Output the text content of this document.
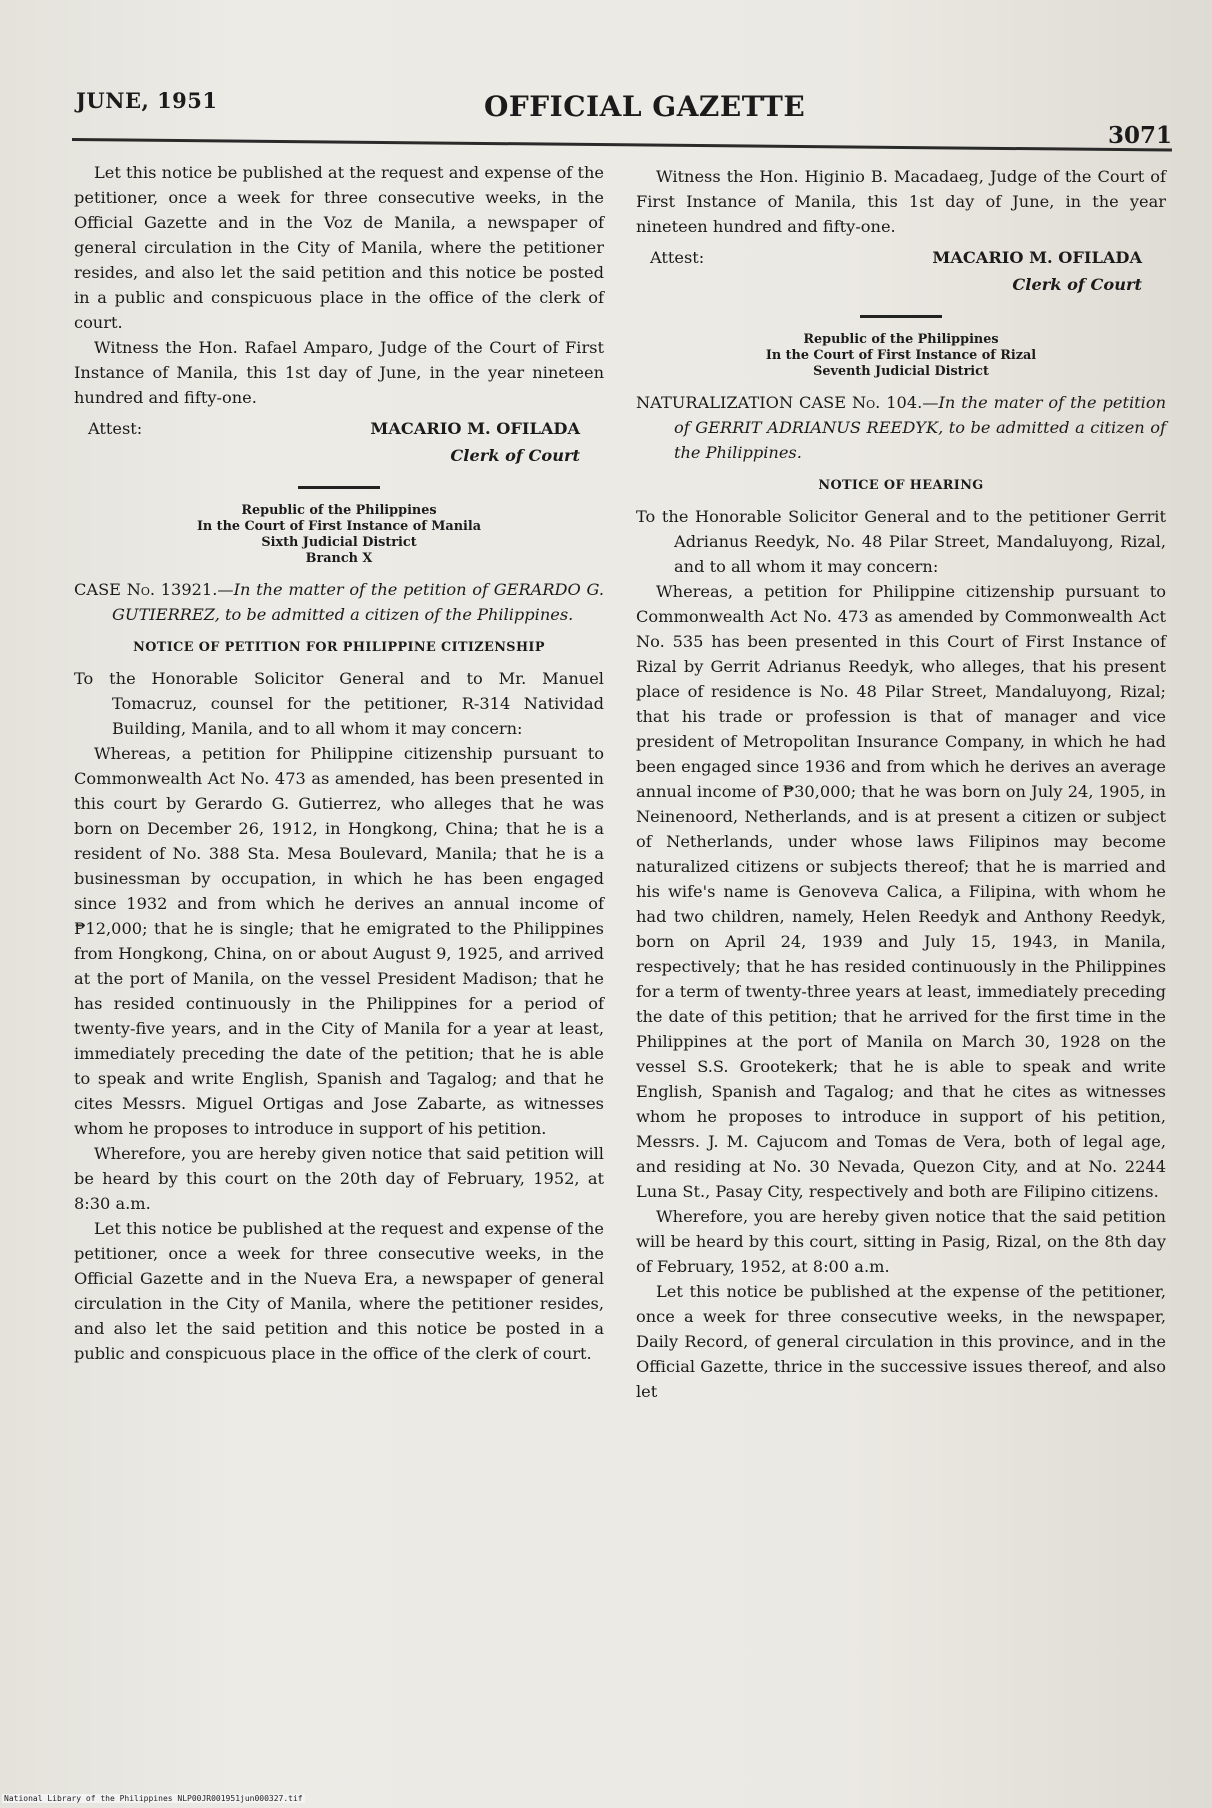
JUNE, 1951	OFFICIAL GAZETTE
3071

Let this notice be published at the request and expense of the petitioner, once a week for three consecutive weeks, in the Official Gazette and in the Voz de Manila, a newspaper of general circulation in the City of Manila, where the petitioner resides, and also let the said petition and this notice be posted in a public and conspicuous place in the office of the clerk of court.

Witness the Hon. Rafael Amparo, Judge of the Court of First Instance of Manila, this 1st day of June, in the year nineteen hundred and fifty-one.

Attest:	MACARIO M. OFILADA
Clerk of Court
Republic of the Philippines
In the Court of First Instance of Manila
Sixth Judicial District
Branch X

CASE No. 13921.—In the matter of the petition of GERARDO G. GUTIERREZ, to be admitted a citizen of the Philippines.

NOTICE OF PETITION FOR PHILIPPINE CITIZENSHIP

To the Honorable Solicitor General and to Mr. Manuel Tomacruz, counsel for the petitioner, R-314 Natividad Building, Manila, and to all whom it may concern:

Whereas, a petition for Philippine citizenship pursuant to Commonwealth Act No. 473 as amended, has been presented in this court by Gerardo G. Gutierrez, who alleges that he was born on December 26, 1912, in Hongkong, China; that he is a resident of No. 388 Sta. Mesa Boulevard, Manila; that he is a businessman by occupation, in which he has been engaged since 1932 and from which he derives an annual income of ₱12,000; that he is single; that he emigrated to the Philippines from Hongkong, China, on or about August 9, 1925, and arrived at the port of Manila, on the vessel President Madison; that he has resided continuously in the Philippines for a period of twenty-five years, and in the City of Manila for a year at least, immediately preceding the date of the petition; that he is able to speak and write English, Spanish and Tagalog; and that he cites Messrs. Miguel Ortigas and Jose Zabarte, as witnesses whom he proposes to introduce in support of his petition.

Wherefore, you are hereby given notice that said petition will be heard by this court on the 20th day of February, 1952, at 8:30 a.m.

Let this notice be published at the request and expense of the petitioner, once a week for three consecutive weeks, in the Official Gazette and in the Nueva Era, a newspaper of general circulation in the City of Manila, where the petitioner resides, and also let the said petition and this notice be posted in a public and conspicuous place in the office of the clerk of court.

Witness the Hon. Higinio B. Macadaeg, Judge of the Court of First Instance of Manila, this 1st day of June, in the year nineteen hundred and fifty-one.

Attest:	MACARIO M. OFILADA
Clerk of Court
Republic of the Philippines
In the Court of First Instance of Rizal
Seventh Judicial District

NATURALIZATION CASE No. 104.—In the mater of the petition of GERRIT ADRIANUS REEDYK, to be admitted a citizen of the Philippines.

NOTICE OF HEARING

To the Honorable Solicitor General and to the petitioner Gerrit Adrianus Reedyk, No. 48 Pilar Street, Mandaluyong, Rizal, and to all whom it may concern:

Whereas, a petition for Philippine citizenship pursuant to Commonwealth Act No. 473 as amended by Commonwealth Act No. 535 has been presented in this Court of First Instance of Rizal by Gerrit Adrianus Reedyk, who alleges, that his present place of residence is No. 48 Pilar Street, Mandaluyong, Rizal; that his trade or profession is that of manager and vice president of Metropolitan Insurance Company, in which he had been engaged since 1936 and from which he derives an average annual income of ₱30,000; that he was born on July 24, 1905, in Neinenoord, Netherlands, and is at present a citizen or subject of Netherlands, under whose laws Filipinos may become naturalized citizens or subjects thereof; that he is married and his wife's name is Genoveva Calica, a Filipina, with whom he had two children, namely, Helen Reedyk and Anthony Reedyk, born on April 24, 1939 and July 15, 1943, in Manila, respectively; that he has resided continuously in the Philippines for a term of twenty-three years at least, immediately preceding the date of this petition; that he arrived for the first time in the Philippines at the port of Manila on March 30, 1928 on the vessel S.S. Grootekerk; that he is able to speak and write English, Spanish and Tagalog; and that he cites as witnesses whom he proposes to introduce in support of his petition, Messrs. J. M. Cajucom and Tomas de Vera, both of legal age, and residing at No. 30 Nevada, Quezon City, and at No. 2244 Luna St., Pasay City, respectively and both are Filipino citizens.

Wherefore, you are hereby given notice that the said petition will be heard by this court, sitting in Pasig, Rizal, on the 8th day of February, 1952, at 8:00 a.m.

Let this notice be published at the expense of the petitioner, once a week for three consecutive weeks, in the newspaper, Daily Record, of general circulation in this province, and in the Official Gazette, thrice in the successive issues thereof, and also let

National Library of the Philippines NLP00JR001951jun000327.tif
